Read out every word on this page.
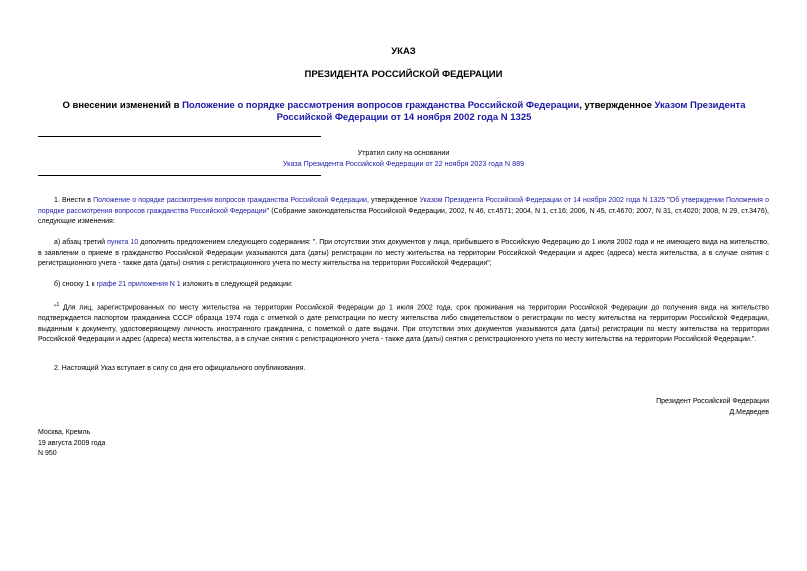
УКАЗ
ПРЕЗИДЕНТА РОССИЙСКОЙ ФЕДЕРАЦИИ
О внесении изменений в Положение о порядке рассмотрения вопросов гражданства Российской Федерации, утвержденное Указом Президента Российской Федерации от 14 ноября 2002 года N 1325
Утратил силу на основании
Указа Президента Российской Федерации от 22 ноября 2023 года N 889
1. Внести в Положение о порядке рассмотрения вопросов гражданства Российской Федерации, утвержденное Указом Президента Российской Федерации от 14 ноября 2002 года N 1325 "Об утверждении Положения о порядке рассмотрения вопросов гражданства Российской Федерации" (Собрание законодательства Российской Федерации, 2002, N 46, ст.4571; 2004, N 1, ст.16; 2006, N 45, ст.4670; 2007, N 31, ст.4020; 2008, N 29, ст.3476), следующие изменения:
а) абзац третий пункта 10 дополнить предложением следующего содержания: ". При отсутствии этих документов у лица, прибывшего в Российскую Федерацию до 1 июля 2002 года и не имеющего вида на жительство, в заявлении о приеме в гражданство Российской Федерации указываются дата (даты) регистрации по месту жительства на территории Российской Федерации и адрес (адреса) места жительства, а в случае снятия с регистрационного учета - также дата (даты) снятия с регистрационного учета по месту жительства на территории Российской Федерации";
б) сноску 1 к графе 21 приложения N 1 изложить в следующей редакции:
"$^1$ Для лиц, зарегистрированных по месту жительства на территории Российской Федерации до 1 июля 2002 года, срок проживания на территории Российской Федерации до получения вида на жительство подтверждается паспортом гражданина СССР образца 1974 года с отметкой о дате регистрации по месту жительства либо свидетельством о регистрации по месту жительства на территории Российской Федерации, выданным к документу, удостоверяющему личность иностранного гражданина, с пометкой о дате выдачи. При отсутствии этих документов указываются дата (даты) регистрации по месту жительства на территории Российской Федерации и адрес (адреса) места жительства, а в случае снятия с регистрационного учета - также дата (даты) снятия с регистрационного учета по месту жительства на территории Российской Федерации.".
2. Настоящий Указ вступает в силу со дня его официального опубликования.
Президент Российской Федерации
Д.Медведев
Москва, Кремль
19 августа 2009 года
N 950
